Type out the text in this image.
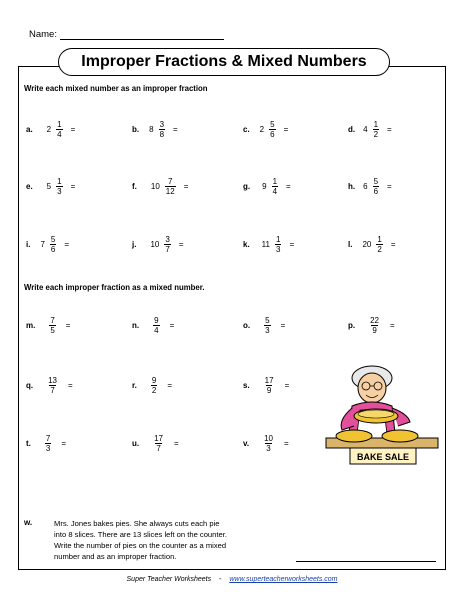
Name:
Improper Fractions & Mixed Numbers
Write each mixed number as an improper fraction
Write each improper fraction as a mixed number.
a. $2 \frac{1}{4}$ =	b. $8 \frac{3}{8}$ =	c. $2 \frac{5}{6}$ =	d. $4 \frac{1}{2}$ =
e. $5 \frac{1}{3}$ =	f. $10 \frac{7}{12}$ =	g. $9 \frac{1}{4}$ =	h. $6 \frac{5}{6}$ =
i. $7 \frac{5}{6}$ =	j. $10 \frac{3}{7}$ =	k. $11 \frac{1}{3}$ =	l. $20 \frac{1}{2}$ =
m. $\frac{7}{5}$ =	n. $\frac{9}{4}$ =	o. $\frac{5}{3}$ =	p. $\frac{22}{9}$ =
q. $\frac{13}{7}$ =	r. $\frac{9}{2}$ =	s. $\frac{17}{9}$ =
t. $\frac{7}{3}$ =	u. $\frac{17}{7}$ =	v. $\frac{10}{3}$ =
BAKE SALE
w.	Mrs. Jones bakes pies. She always cuts each pie
into 8 slices. There are 13 slices left on the counter.
Write the number of pies on the counter as a mixed
number and as an improper fraction.
Super Teacher Worksheets - www.superteacherworksheets.com
